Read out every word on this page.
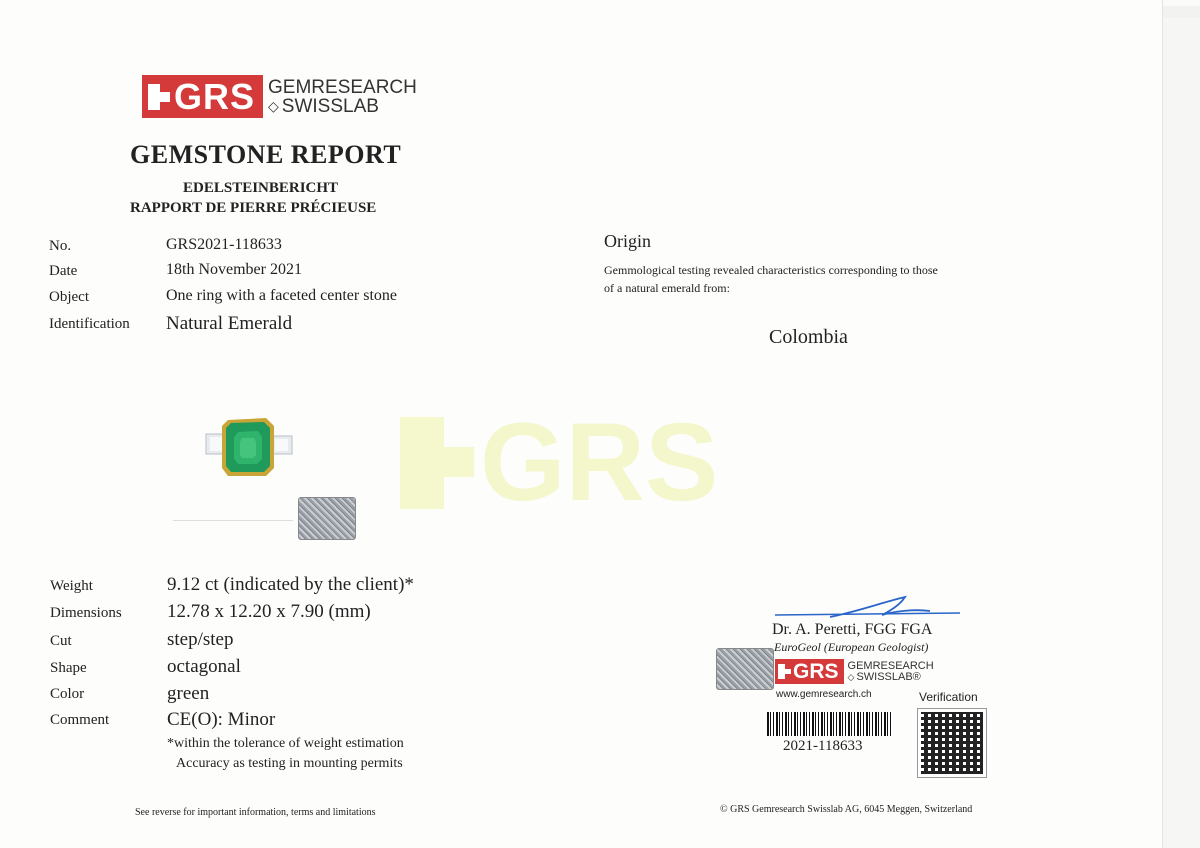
GRS GEMRESEARCH
◇ SWISSLAB
GEMSTONE REPORT
EDELSTEINBERICHT
RAPPORT DE PIERRE PRÉCIEUSE
No.	GRS2021-118633
Date	18th November 2021
Object	One ring with a faceted center stone
Identification Natural Emerald
Origin
Gemmological testing revealed characteristics corresponding to those
of a natural emerald from:
Colombia
GRS
Weight	9.12 ct (indicated by the client)*
Dimensions 12.78 x 12.20 x 7.90 (mm)
Cut	step/step
Shape	octagonal
Color	green
Comment	CE(O): Minor
*within the tolerance of weight estimation
Accuracy as testing in mounting permits
Dr. A. Peretti, FGG FGA
EuroGeol (European Geologist)
GRS GEMRESEARCH
◇ SWISSLAB®
www.gemresearch.ch	Verification
2021-118633
See reverse for important information, terms and limitations	© GRS Gemresearch Swisslab AG, 6045 Meggen, Switzerland
